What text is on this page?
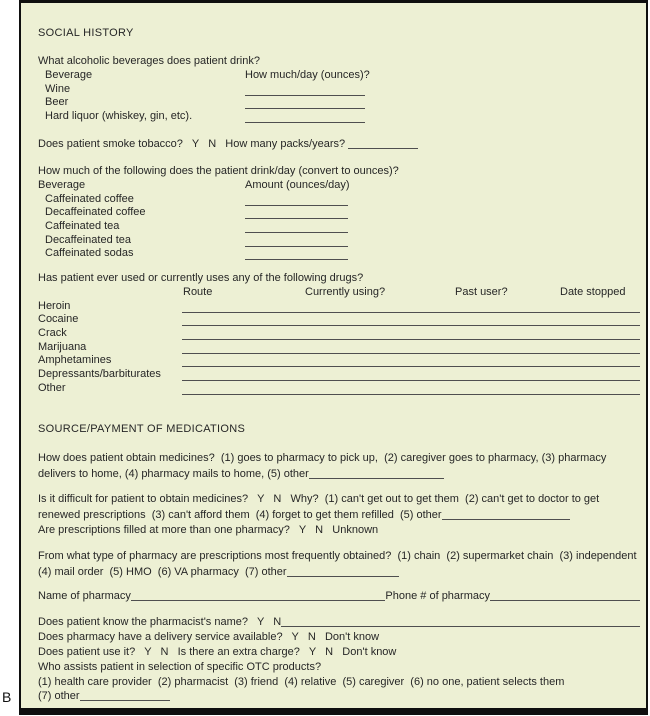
SOCIAL HISTORY
What alcoholic beverages does patient drink?
Beverage	How much/day (ounces)?
Wine
Beer
Hard liquor (whiskey, gin, etc).
Does patient smoke tobacco?   Y   N   How many packs/years?
How much of the following does the patient drink/day (convert to ounces)?
Beverage	Amount (ounces/day)
Caffeinated coffee
Decaffeinated coffee
Caffeinated tea
Decaffeinated tea
Caffeinated sodas
Has patient ever used or currently uses any of the following drugs?
Route	Currently using?	Past user?	Date stopped
Heroin
Cocaine
Crack
Marijuana
Amphetamines
Depressants/barbiturates
Other
SOURCE/PAYMENT OF MEDICATIONS
How does patient obtain medicines?  (1) goes to pharmacy to pick up,  (2) caregiver goes to pharmacy, (3) pharmacy
delivers to home, (4) pharmacy mails to home, (5) other
Is it difficult for patient to obtain medicines?   Y   N   Why?  (1) can't get out to get them  (2) can't get to doctor to get
renewed prescriptions  (3) can't afford them  (4) forget to get them refilled  (5) other
Are prescriptions filled at more than one pharmacy?   Y   N   Unknown
From what type of pharmacy are prescriptions most frequently obtained?  (1) chain  (2) supermarket chain  (3) independent
(4) mail order  (5) HMO  (6) VA pharmacy  (7) other
Name of pharmacy	Phone # of pharmacy
Does patient know the pharmacist's name?   Y   N
Does pharmacy have a delivery service available?   Y   N   Don't know
Does patient use it?   Y   N   Is there an extra charge?   Y   N   Don't know
Who assists patient in selection of specific OTC products?
(1) health care provider  (2) pharmacist  (3) friend  (4) relative  (5) caregiver  (6) no one, patient selects them
(7) other
B
